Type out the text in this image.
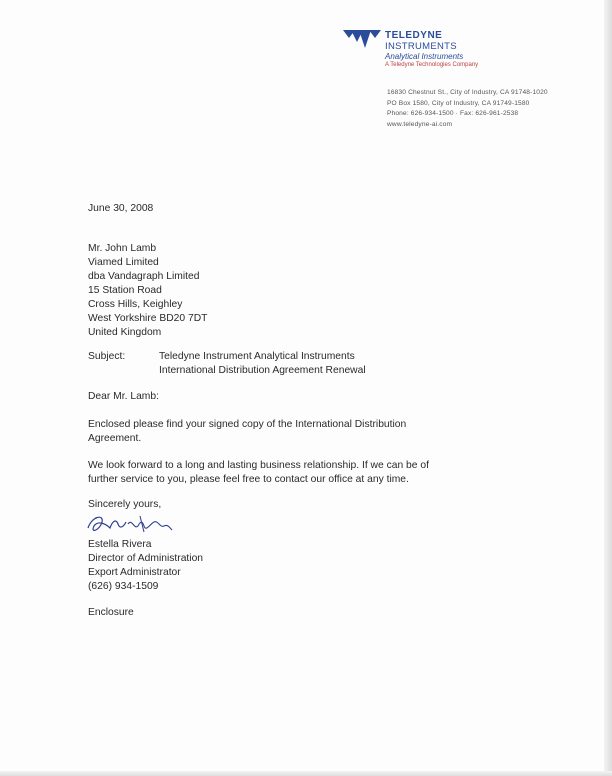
TELEDYNE
INSTRUMENTS
Analytical Instruments
A Teledyne Technologies Company
16830 Chestnut St., City of Industry, CA 91748-1020
PO Box 1580, City of Industry, CA 91749-1580
Phone: 626-934-1500 · Fax: 626-961-2538
www.teledyne-ai.com
June 30, 2008
Mr. John Lamb
Viamed Limited
dba Vandagraph Limited
15 Station Road
Cross Hills, Keighley
West Yorkshire BD20 7DT
United Kingdom
Subject:	Teledyne Instrument Analytical Instruments
International Distribution Agreement Renewal
Dear Mr. Lamb:
Enclosed please find your signed copy of the International Distribution
Agreement.
We look forward to a long and lasting business relationship. If we can be of
further service to you, please feel free to contact our office at any time.
Sincerely yours,
Estella Rivera
Director of Administration
Export Administrator
(626) 934-1509
Enclosure
